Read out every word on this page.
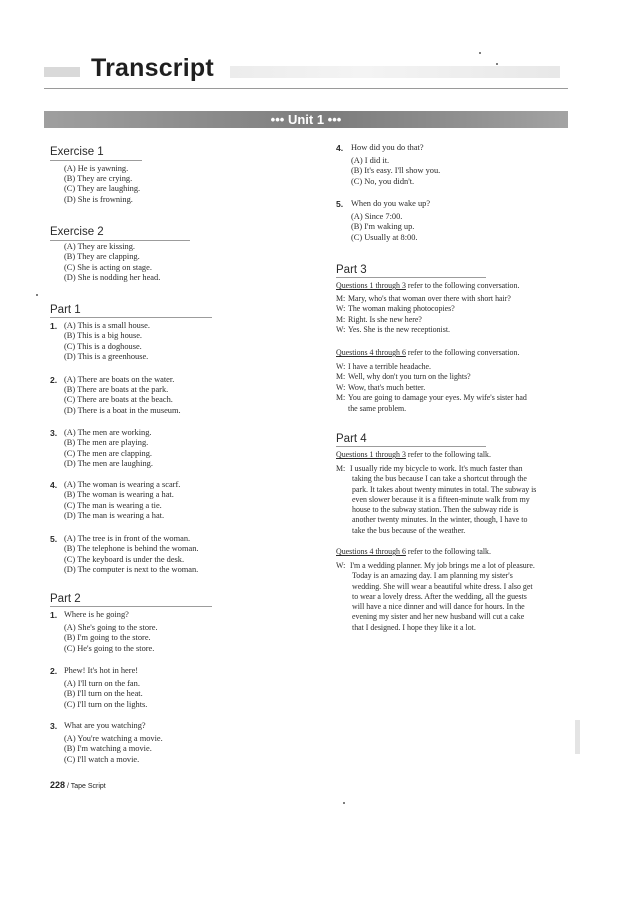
Transcript
••• Unit 1 •••
Exercise 1
(A) He is yawning.
(B) They are crying.
(C) They are laughing.
(D) She is frowning.
Exercise 2
(A) They are kissing.
(B) They are clapping.
(C) She is acting on stage.
(D) She is nodding her head.
Part 1
1. (A) This is a small house.
(B) This is a big house.
(C) This is a doghouse.
(D) This is a greenhouse.
2. (A) There are boats on the water.
(B) There are boats at the park.
(C) There are boats at the beach.
(D) There is a boat in the museum.
3. (A) The men are working.
(B) The men are playing.
(C) The men are clapping.
(D) The men are laughing.
4. (A) The woman is wearing a scarf.
(B) The woman is wearing a hat.
(C) The man is wearing a tie.
(D) The man is wearing a hat.
5. (A) The tree is in front of the woman.
(B) The telephone is behind the woman.
(C) The keyboard is under the desk.
(D) The computer is next to the woman.
Part 2
1. Where is he going?
(A) She's going to the store.
(B) I'm going to the store.
(C) He's going to the store.
2. Phew! It's hot in here!
(A) I'll turn on the fan.
(B) I'll turn on the heat.
(C) I'll turn on the lights.
3. What are you watching?
(A) You're watching a movie.
(B) I'm watching a movie.
(C) I'll watch a movie.
228 / Tape Script
4. How did you do that?
(A) I did it.
(B) It's easy. I'll show you.
(C) No, you didn't.
5. When do you wake up?
(A) Since 7:00.
(B) I'm waking up.
(C) Usually at 8:00.
Part 3
Questions 1 through 3 refer to the following conversation.
M: Mary, who's that woman over there with short hair?
W: The woman making photocopies?
M: Right. Is she new here?
W: Yes. She is the new receptionist.
Questions 4 through 6 refer to the following conversation.
W: I have a terrible headache.
M: Well, why don't you turn on the lights?
W: Wow, that's much better.
M: You are going to damage your eyes. My wife's sister had
the same problem.
Part 4
Questions 1 through 3 refer to the following talk.
M: I usually ride my bicycle to work. It's much faster than
taking the bus because I can take a shortcut through the
park. It takes about twenty minutes in total. The subway is
even slower because it is a fifteen-minute walk from my
house to the subway station. Then the subway ride is
another twenty minutes. In the winter, though, I have to
take the bus because of the weather.
Questions 4 through 6 refer to the following talk.
W: I'm a wedding planner. My job brings me a lot of pleasure.
Today is an amazing day. I am planning my sister's
wedding. She will wear a beautiful white dress. I also get
to wear a lovely dress. After the wedding, all the guests
will have a nice dinner and will dance for hours. In the
evening my sister and her new husband will cut a cake
that I designed. I hope they like it a lot.
